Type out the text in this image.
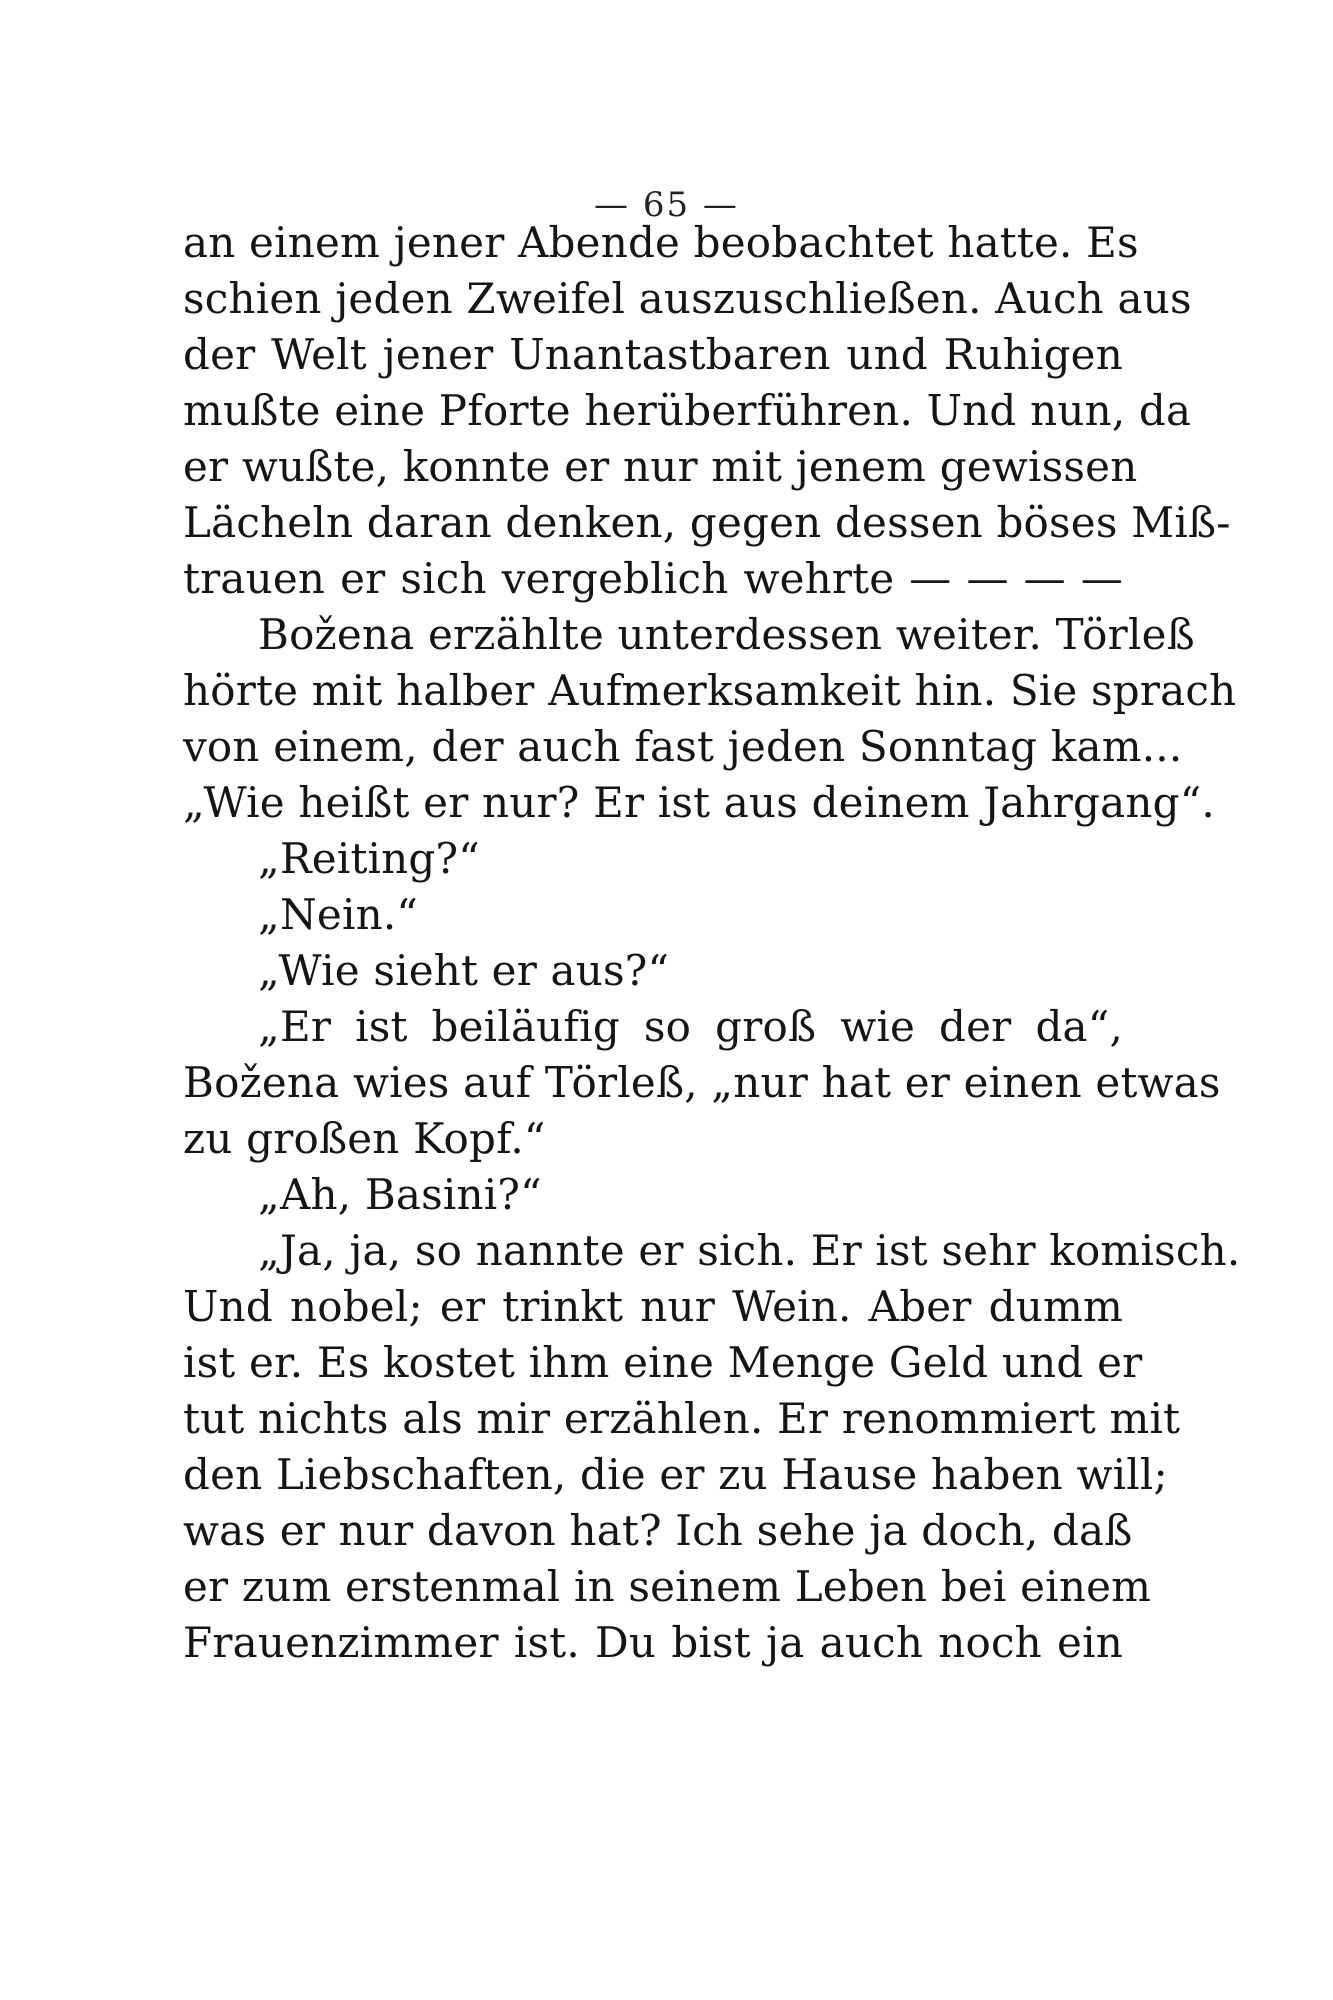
— 65 —
an einem jener Abende beobachtet hatte. Es
schien jeden Zweifel auszuschließen. Auch aus
der Welt jener Unantastbaren und Ruhigen
mußte eine Pforte herüberführen. Und nun, da
er wußte, konnte er nur mit jenem gewissen
Lächeln daran denken, gegen dessen böses Miß-
trauen er sich vergeblich wehrte — — — —
Božena erzählte unterdessen weiter. Törleß
hörte mit halber Aufmerksamkeit hin. Sie sprach
von einem, der auch fast jeden Sonntag kam...
„Wie heißt er nur? Er ist aus deinem Jahrgang“.
„Reiting?“
„Nein.“
„Wie sieht er aus?“
„Er ist beiläufig so groß wie der da“,
Božena wies auf Törleß, „nur hat er einen etwas
zu großen Kopf.“
„Ah, Basini?“
„Ja, ja, so nannte er sich. Er ist sehr komisch.
Und nobel; er trinkt nur Wein. Aber dumm
ist er. Es kostet ihm eine Menge Geld und er
tut nichts als mir erzählen. Er renommiert mit
den Liebschaften, die er zu Hause haben will;
was er nur davon hat? Ich sehe ja doch, daß
er zum erstenmal in seinem Leben bei einem
Frauenzimmer ist. Du bist ja auch noch ein
